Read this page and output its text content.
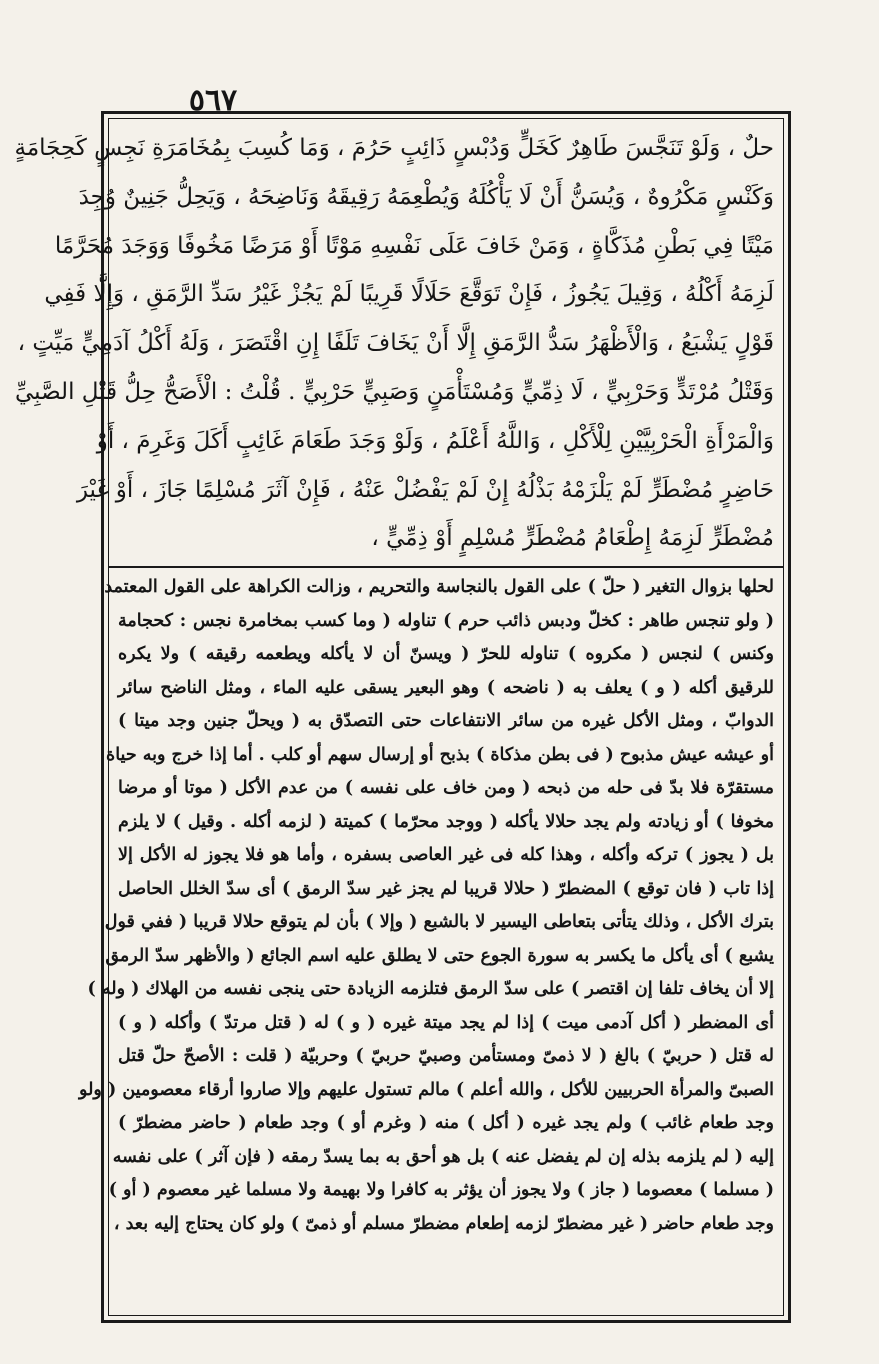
٥٦٧
حلٌ ، وَلَوْ تَنَجَّسَ طَاهِرٌ كَخَلٍّ وَدُبْسٍ ذَائِبٍ حَرُمَ ، وَمَا كُسِبَ بِمُخَامَرَةِ نَجِسٍ كَحِجَامَةٍ
وَكَنْسٍ مَكْرُوهٌ ، وَيُسَنُّ أَنْ لَا يَأْكُلَهُ وَيُطْعِمَهُ رَقِيقَهُ وَنَاضِحَهُ ، وَيَحِلُّ جَنِينٌ وُجِدَ
مَيْتًا فِي بَطْنِ مُذَكَّاةٍ ، وَمَنْ خَافَ عَلَى نَفْسِهِ مَوْتًا أَوْ مَرَضًا مَخُوفًا وَوَجَدَ مُحَرَّمًا
لَزِمَهُ أَكْلُهُ ، وَقِيلَ يَجُوزُ ، فَإِنْ تَوَقَّعَ حَلَالًا قَرِيبًا لَمْ يَجُزْ غَيْرُ سَدِّ الرَّمَقِ ، وَإِلَّا فَفِي
قَوْلٍ يَشْبَعُ ، وَالْأَظْهَرُ سَدُّ الرَّمَقِ إِلَّا أَنْ يَخَافَ تَلَفًا إِنِ اقْتَصَرَ ، وَلَهُ أَكْلُ آدَمِيٍّ مَيِّتٍ ،
وَقَتْلُ مُرْتَدٍّ وَحَرْبِيٍّ ، لَا ذِمِّيٍّ وَمُسْتَأْمَنٍ وَصَبِيٍّ حَرْبِيٍّ . قُلْتُ : الْأَصَحُّ حِلُّ قَتْلِ الصَّبِيِّ
وَالْمَرْأَةِ الْحَرْبِيَّيْنِ لِلْأَكْلِ ، وَاللَّهُ أَعْلَمُ ، وَلَوْ وَجَدَ طَعَامَ غَائِبٍ أَكَلَ وَغَرِمَ ، أَوْ
حَاضِرٍ مُضْطَرٍّ لَمْ يَلْزَمْهُ بَذْلُهُ إِنْ لَمْ يَفْضُلْ عَنْهُ ، فَإِنْ آثَرَ مُسْلِمًا جَازَ ، أَوْ غَيْرَ
مُضْطَرٍّ لَزِمَهُ إِطْعَامُ مُضْطَرٍّ مُسْلِمٍ أَوْ ذِمِّيٍّ ،
لحلها بزوال التغير ( حلّ ) على القول بالنجاسة والتحريم ، وزالت الكراهة على القول المعتمد
( ولو تنجس طاهر : كخلّ ودبس ذائب حرم ) تناوله ( وما كسب بمخامرة نجس : كحجامة
وكنس ) لنجس ( مكروه ) تناوله للحرّ ( ويسنّ أن لا يأكله ويطعمه رقيقه ) ولا يكره
للرقيق أكله ( و ) يعلف به ( ناضحه ) وهو البعير يسقى عليه الماء ، ومثل الناضح سائر
الدوابّ ، ومثل الأكل غيره من سائر الانتفاعات حتى التصدّق به ( ويحلّ جنين وجد ميتا )
أو عيشه عيش مذبوح ( فى بطن مذكاة ) بذبح أو إرسال سهم أو كلب . أما إذا خرج وبه حياة
مستقرّة فلا بدّ فى حله من ذبحه ( ومن خاف على نفسه ) من عدم الأكل ( موتا أو مرضا
مخوفا ) أو زيادته ولم يجد حلالا يأكله ( ووجد محرّما ) كميتة ( لزمه أكله . وقيل ) لا يلزم
بل ( يجوز ) تركه وأكله ، وهذا كله فى غير العاصى بسفره ، وأما هو فلا يجوز له الأكل إلا
إذا تاب ( فان توقع ) المضطرّ ( حلالا قريبا لم يجز غير سدّ الرمق ) أى سدّ الخلل الحاصل
بترك الأكل ، وذلك يتأتى بتعاطى اليسير لا بالشبع ( وإلا ) بأن لم يتوقع حلالا قريبا ( ففي قول
يشبع ) أى يأكل ما يكسر به سورة الجوع حتى لا يطلق عليه اسم الجائع ( والأظهر سدّ الرمق
إلا أن يخاف تلفا إن اقتصر ) على سدّ الرمق فتلزمه الزيادة حتى ينجى نفسه من الهلاك ( وله )
أى المضطر ( أكل آدمى ميت ) إذا لم يجد ميتة غيره ( و ) له ( قتل مرتدّ ) وأكله ( و )
له قتل ( حربيّ ) بالغ ( لا ذمىّ ومستأمن وصبيّ حربيّ ) وحربيّة ( قلت : الأصحّ حلّ قتل
الصبىّ والمرأة الحربيين للأكل ، والله أعلم ) مالم تستول عليهم وإلا صاروا أرقاء معصومين ( ولو
وجد طعام غائب ) ولم يجد غيره ( أكل ) منه ( وغرم أو ) وجد طعام ( حاضر مضطرّ )
إليه ( لم يلزمه بذله إن لم يفضل عنه ) بل هو أحق به بما يسدّ رمقه ( فإن آثر ) على نفسه
( مسلما ) معصوما ( جاز ) ولا يجوز أن يؤثر به كافرا ولا بهيمة ولا مسلما غير معصوم ( أو )
وجد طعام حاضر ( غير مضطرّ لزمه إطعام مضطرّ مسلم أو ذمىّ ) ولو كان يحتاج إليه بعد ،
